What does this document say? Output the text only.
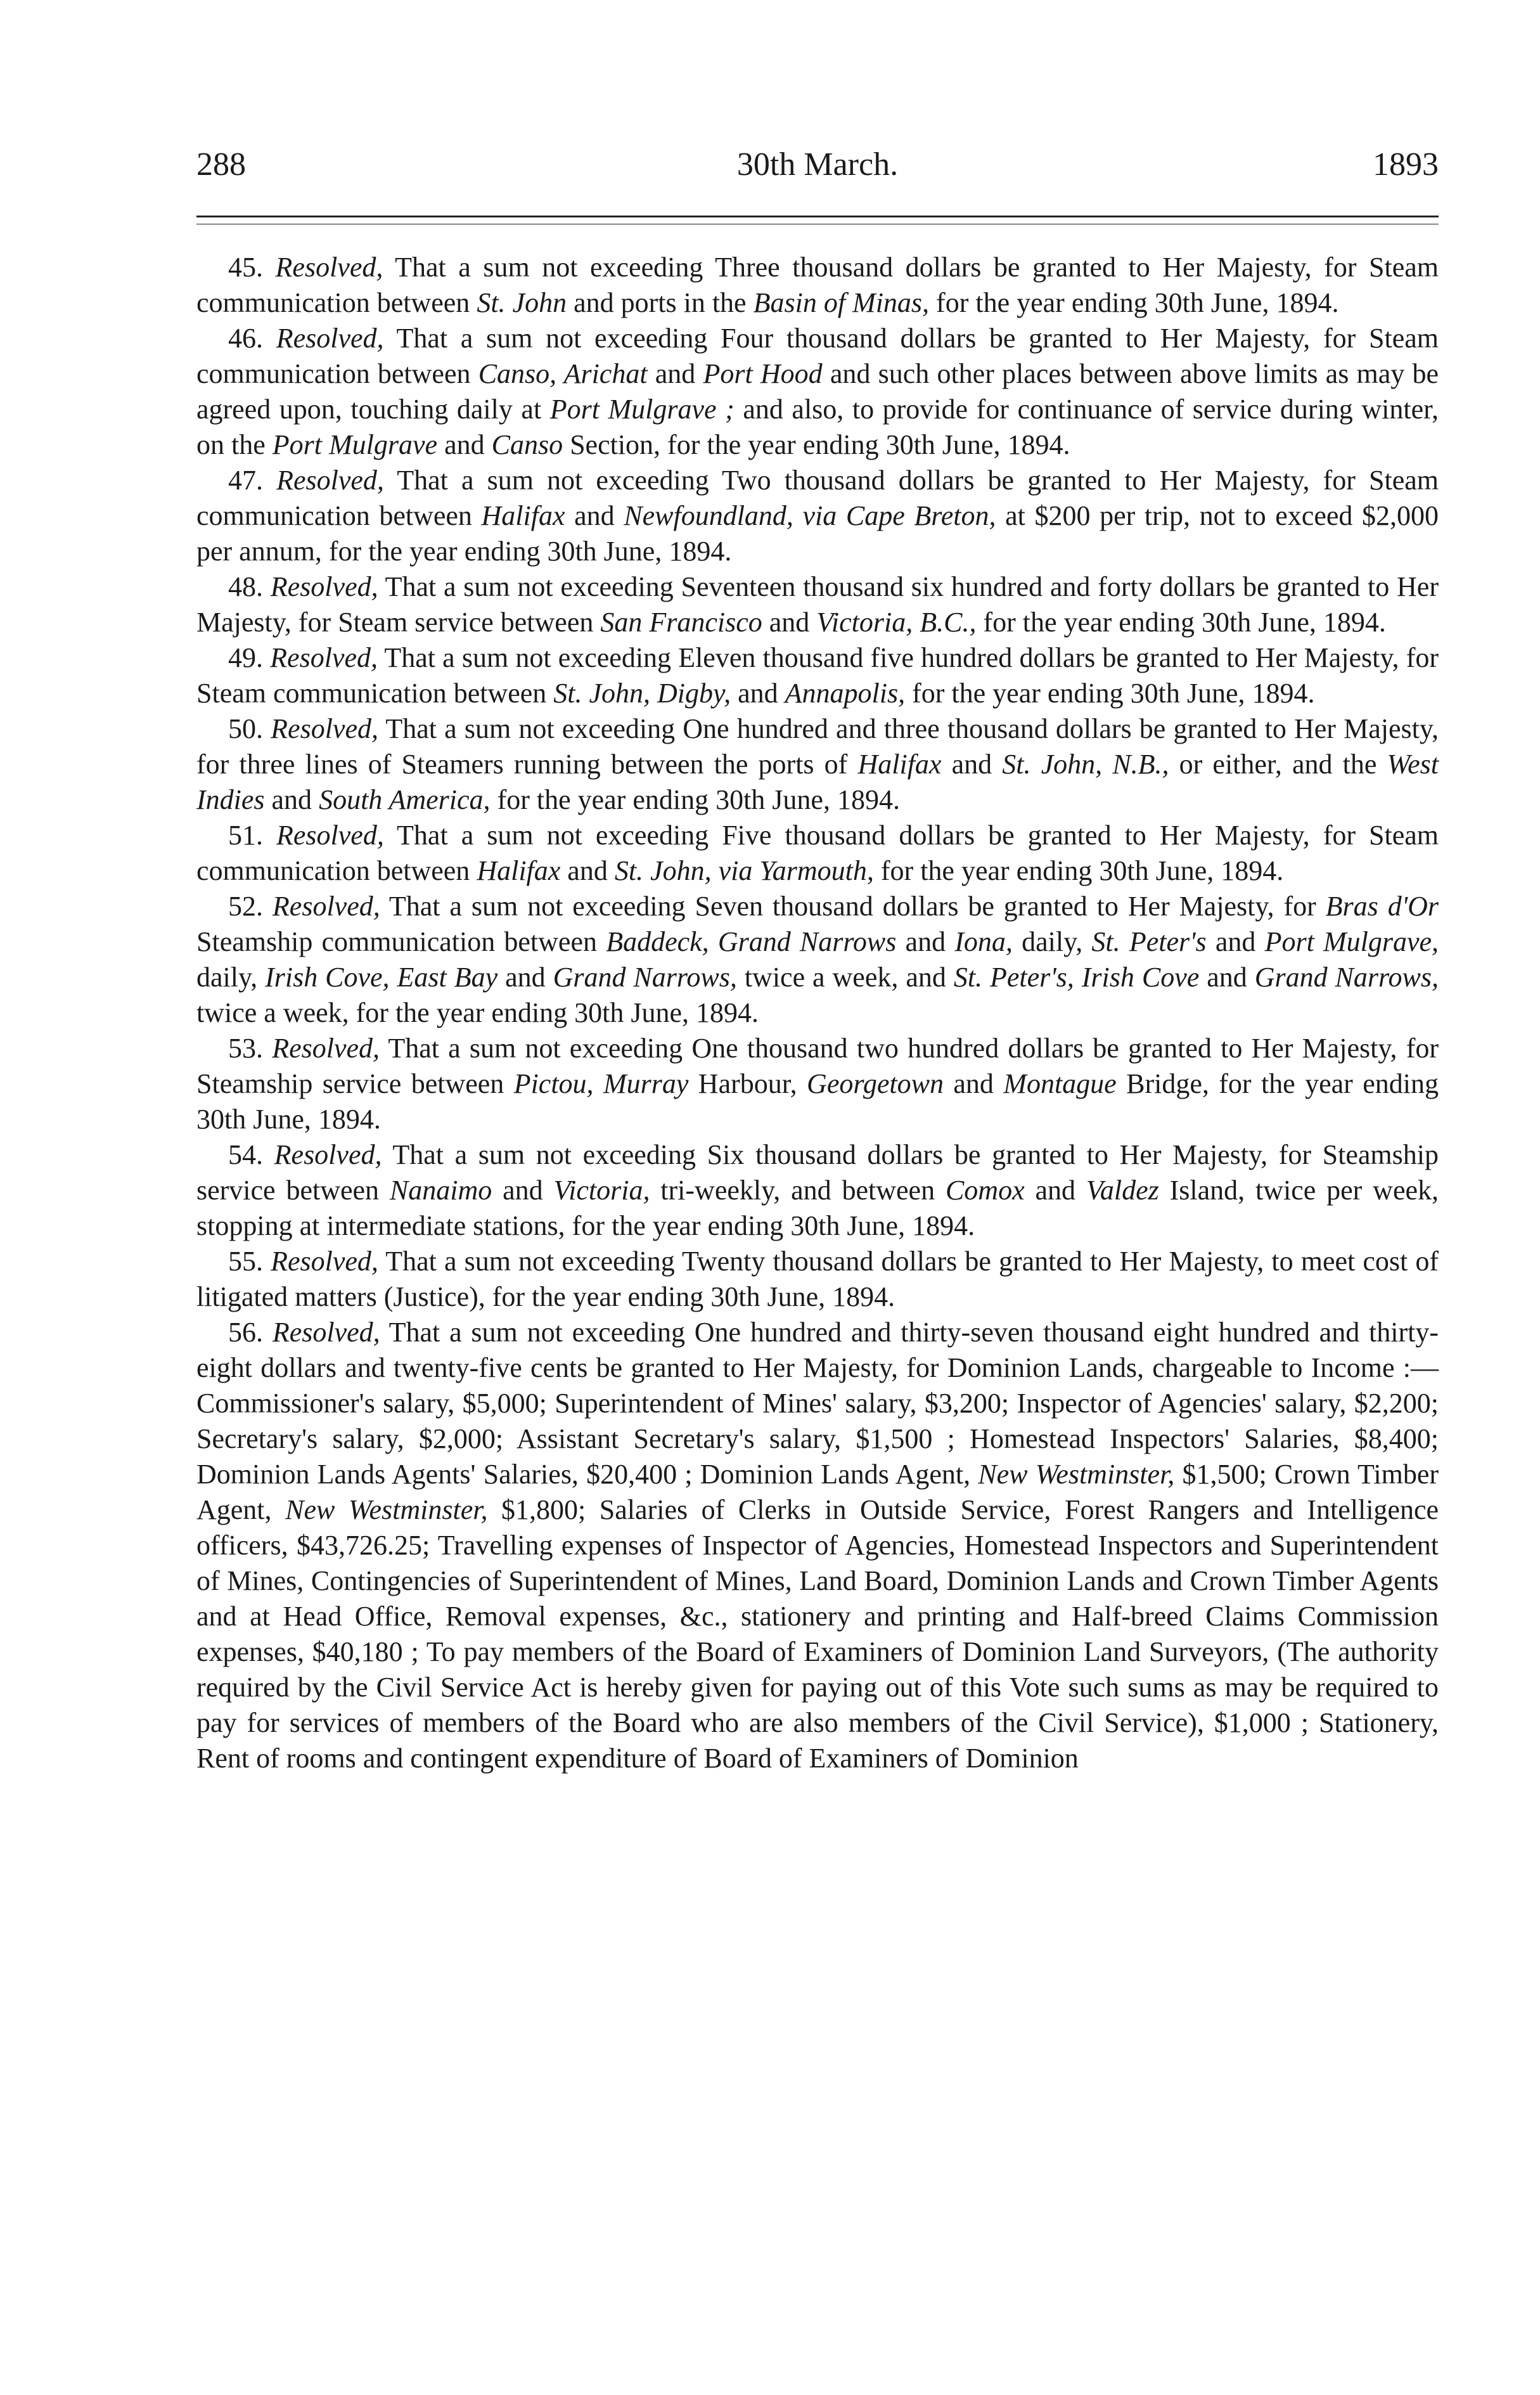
288	30th March.	1893

45. Resolved, That a sum not exceeding Three thousand dollars be granted to Her Majesty, for Steam communication between St. John and ports in the Basin of Minas, for the year ending 30th June, 1894.

46. Resolved, That a sum not exceeding Four thousand dollars be granted to Her Majesty, for Steam communication between Canso, Arichat and Port Hood and such other places between above limits as may be agreed upon, touching daily at Port Mulgrave ; and also, to provide for continuance of service during winter, on the Port Mulgrave and Canso Section, for the year ending 30th June, 1894.

47. Resolved, That a sum not exceeding Two thousand dollars be granted to Her Majesty, for Steam communication between Halifax and Newfoundland, via Cape Breton, at $200 per trip, not to exceed $2,000 per annum, for the year ending 30th June, 1894.

48. Resolved, That a sum not exceeding Seventeen thousand six hundred and forty dollars be granted to Her Majesty, for Steam service between San Francisco and Victoria, B.C., for the year ending 30th June, 1894.

49. Resolved, That a sum not exceeding Eleven thousand five hundred dollars be granted to Her Majesty, for Steam communication between St. John, Digby, and Annapolis, for the year ending 30th June, 1894.

50. Resolved, That a sum not exceeding One hundred and three thousand dollars be granted to Her Majesty, for three lines of Steamers running between the ports of Halifax and St. John, N.B., or either, and the West Indies and South America, for the year ending 30th June, 1894.

51. Resolved, That a sum not exceeding Five thousand dollars be granted to Her Majesty, for Steam communication between Halifax and St. John, via Yarmouth, for the year ending 30th June, 1894.

52. Resolved, That a sum not exceeding Seven thousand dollars be granted to Her Majesty, for Bras d'Or Steamship communication between Baddeck, Grand Narrows and Iona, daily, St. Peter's and Port Mulgrave, daily, Irish Cove, East Bay and Grand Narrows, twice a week, and St. Peter's, Irish Cove and Grand Narrows, twice a week, for the year ending 30th June, 1894.

53. Resolved, That a sum not exceeding One thousand two hundred dollars be granted to Her Majesty, for Steamship service between Pictou, Murray Harbour, Georgetown and Montague Bridge, for the year ending 30th June, 1894.

54. Resolved, That a sum not exceeding Six thousand dollars be granted to Her Majesty, for Steamship service between Nanaimo and Victoria, tri-weekly, and between Comox and Valdez Island, twice per week, stopping at intermediate stations, for the year ending 30th June, 1894.

55. Resolved, That a sum not exceeding Twenty thousand dollars be granted to Her Majesty, to meet cost of litigated matters (Justice), for the year ending 30th June, 1894.

56. Resolved, That a sum not exceeding One hundred and thirty-seven thousand eight hundred and thirty-eight dollars and twenty-five cents be granted to Her Majesty, for Dominion Lands, chargeable to Income :—Commissioner's salary, $5,000; Superintendent of Mines' salary, $3,200; Inspector of Agencies' salary, $2,200; Secretary's salary, $2,000; Assistant Secretary's salary, $1,500 ; Homestead Inspectors' Salaries, $8,400; Dominion Lands Agents' Salaries, $20,400 ; Dominion Lands Agent, New Westminster, $1,500; Crown Timber Agent, New Westminster, $1,800; Salaries of Clerks in Outside Service, Forest Rangers and Intelligence officers, $43,726.25; Travelling expenses of Inspector of Agencies, Homestead Inspectors and Superintendent of Mines, Contingencies of Superintendent of Mines, Land Board, Dominion Lands and Crown Timber Agents and at Head Office, Removal expenses, &c., stationery and printing and Half-breed Claims Commission expenses, $40,180 ; To pay members of the Board of Examiners of Dominion Land Surveyors, (The authority required by the Civil Service Act is hereby given for paying out of this Vote such sums as may be required to pay for services of members of the Board who are also members of the Civil Service), $1,000 ; Stationery, Rent of rooms and contingent expenditure of Board of Examiners of Dominion
